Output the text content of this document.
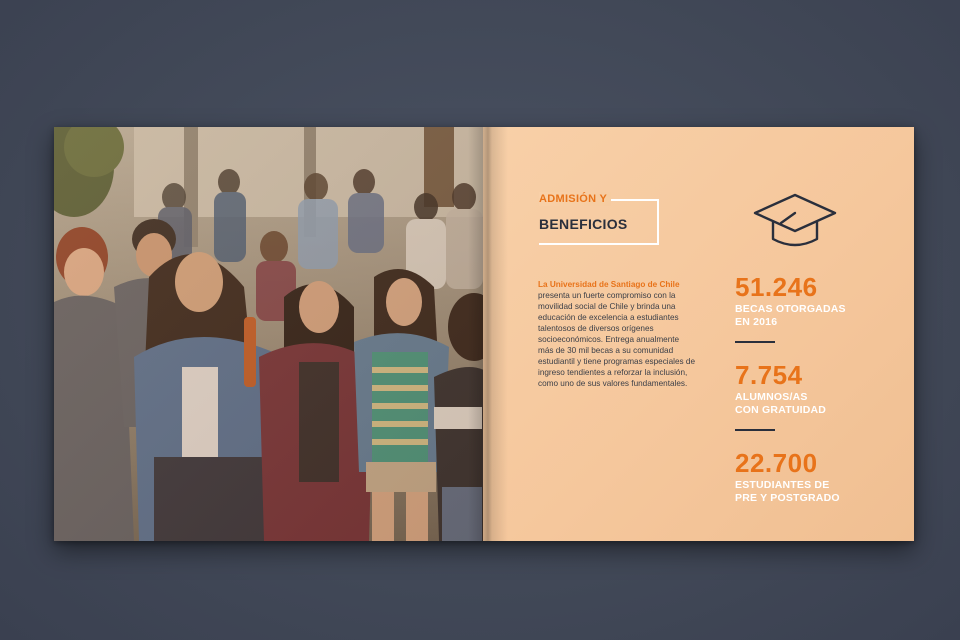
ADMISIÓN Y
BENEFICIOS
La Universidad de Santiago de Chile presenta un fuerte compromiso con la movilidad social de Chile y brinda una educación de excelencia a estudiantes talentosos de diversos orígenes socioeconómicos. Entrega anualmente más de 30 mil becas a su comunidad estudiantil y tiene programas especiales de ingreso tendientes a reforzar la inclusión, como uno de sus valores fundamentales.
51.246
BECAS OTORGADAS
EN 2016
7.754
ALUMNOS/AS
CON GRATUIDAD
22.700
ESTUDIANTES DE
PRE Y POSTGRADO
